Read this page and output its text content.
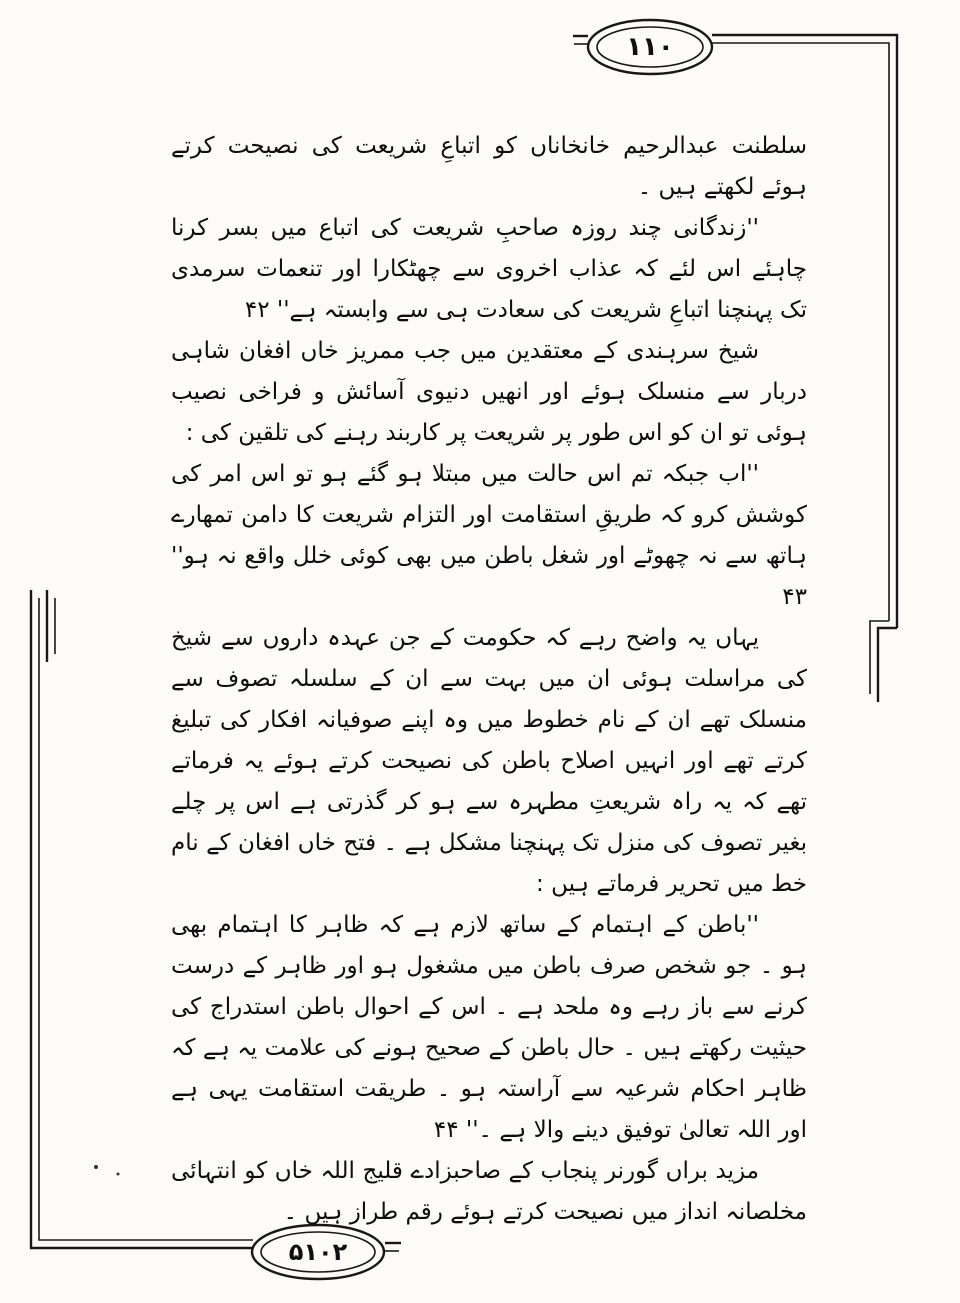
۱۱۰
۵۱۰۲
سلطنت عبدالرحیم خانخاناں کو اتباعِ شریعت کی نصیحت کرتے ہوئے لکھتے ہیں ۔
''زندگانی چند روزہ صاحبِ شریعت کی اتباع میں بسر کرنا چاہئے اس لئے کہ عذاب اخروی سے چھٹکارا اور تنعمات سرمدی تک پہنچنا اتباعِ شریعت کی سعادت ہی سے وابستہ ہے'' ۴۲
شیخ سرہندی کے معتقدین میں جب ممریز خاں افغان شاہی دربار سے منسلک ہوئے اور انھیں دنیوی آسائش و فراخی نصیب ہوئی تو ان کو اس طور پر شریعت پر کاربند رہنے کی تلقین کی :
''اب جبکہ تم اس حالت میں مبتلا ہو گئے ہو تو اس امر کی کوشش کرو کہ طریقِ استقامت اور التزام شریعت کا دامن تمھارے ہاتھ سے نہ چھوٹے اور شغل باطن میں بھی کوئی خلل واقع نہ ہو'' ۴۳
یہاں یہ واضح رہے کہ حکومت کے جن عہدہ داروں سے شیخ کی مراسلت ہوئی ان میں بہت سے ان کے سلسلہ تصوف سے منسلک تھے ان کے نام خطوط میں وہ اپنے صوفیانہ افکار کی تبلیغ کرتے تھے اور انہیں اصلاح باطن کی نصیحت کرتے ہوئے یہ فرماتے تھے کہ یہ راہ شریعتِ مطہرہ سے ہو کر گذرتی ہے اس پر چلے بغیر تصوف کی منزل تک پہنچنا مشکل ہے ۔ فتح خاں افغان کے نام خط میں تحریر فرماتے ہیں :
''باطن کے اہتمام کے ساتھ لازم ہے کہ ظاہر کا اہتمام بھی ہو ۔ جو شخص صرف باطن میں مشغول ہو اور ظاہر کے درست کرنے سے باز رہے وہ ملحد ہے ۔ اس کے احوال باطن استدراج کی حیثیت رکھتے ہیں ۔ حال باطن کے صحیح ہونے کی علامت یہ ہے کہ ظاہر احکام شرعیہ سے آراستہ ہو ۔ طریقت استقامت یہی ہے اور اللہ تعالیٰ توفیق دینے والا ہے ۔'' ۴۴
مزید براں گورنر پنجاب کے صاحبزادے قلیج اللہ خاں کو انتہائی مخلصانہ انداز میں نصیحت کرتے ہوئے رقم طراز ہیں ۔
